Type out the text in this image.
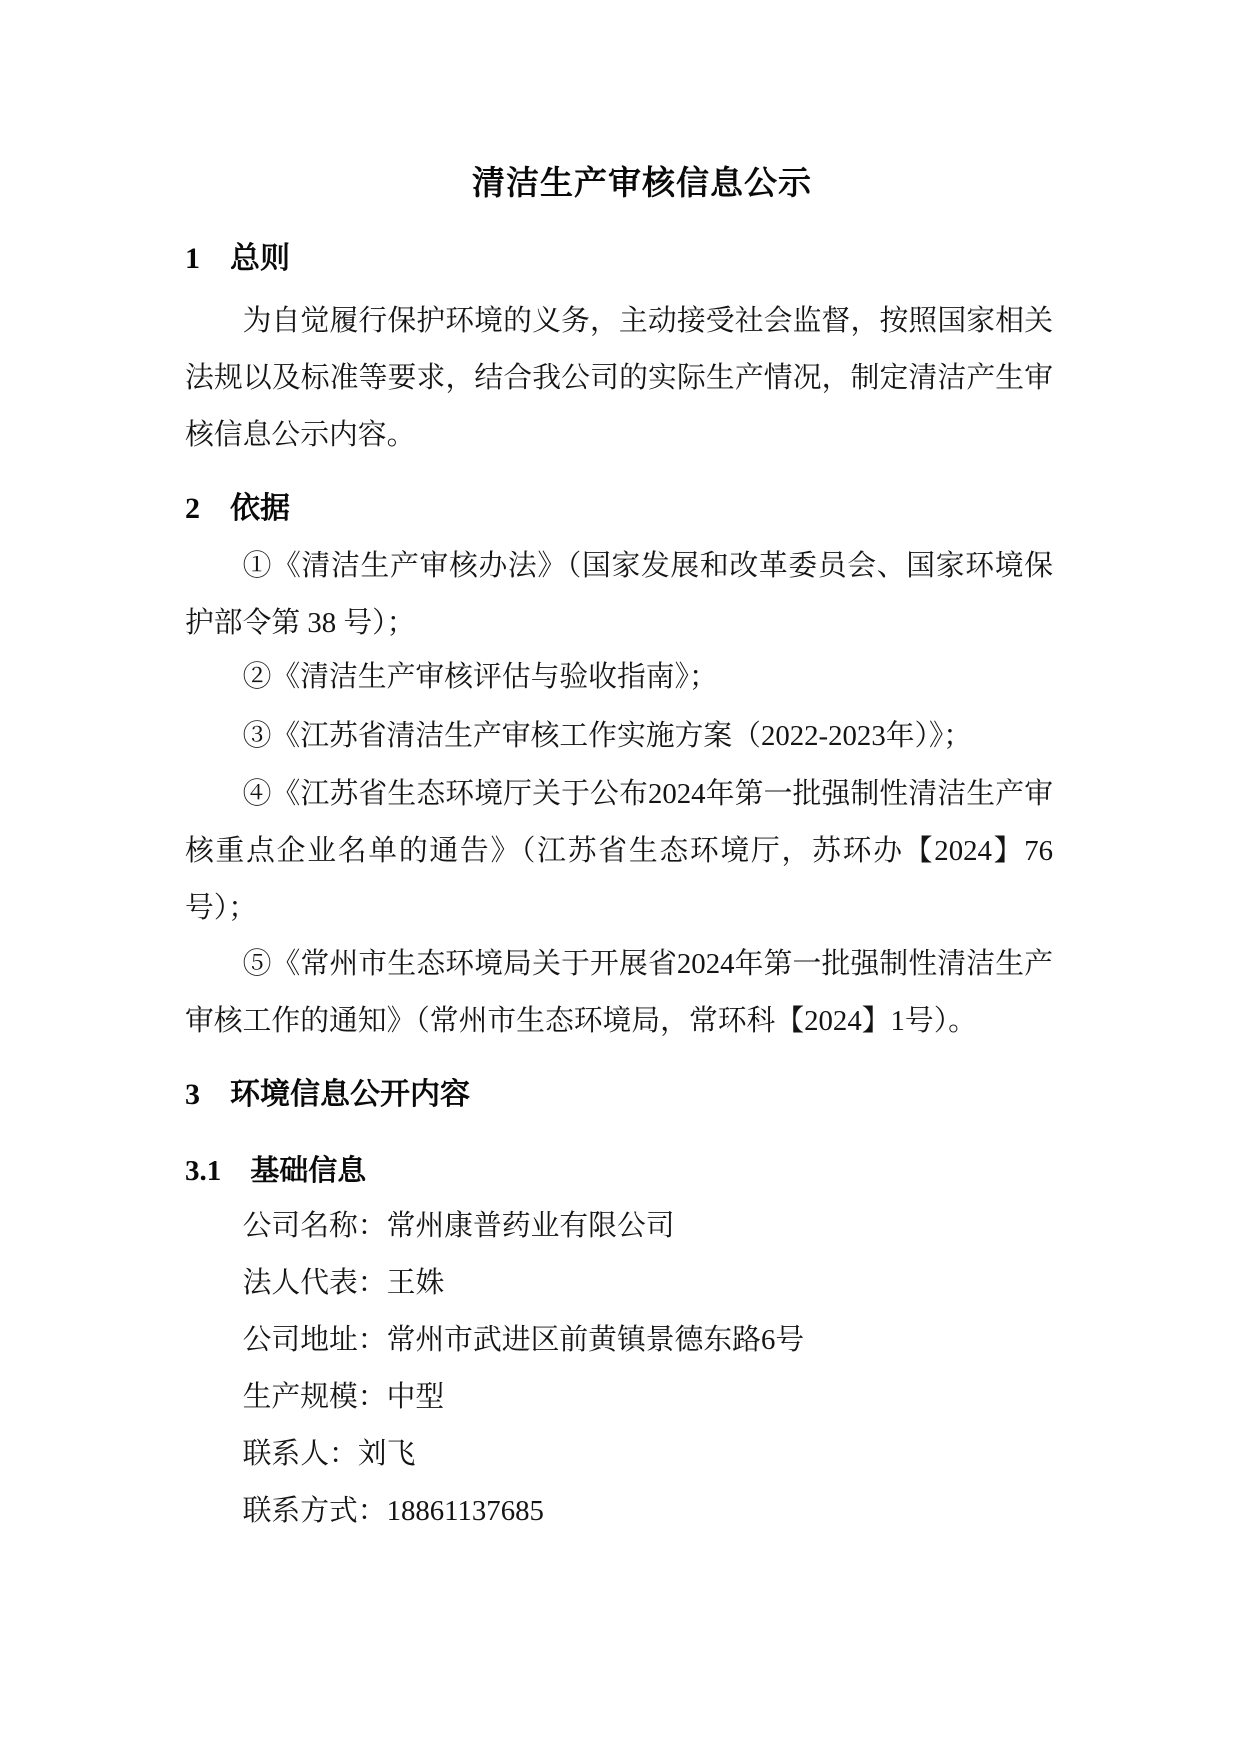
清洁生产审核信息公示
1　总则
为自觉履行保护环境的义务，主动接受社会监督，按照国家相关
法规以及标准等要求，结合我公司的实际生产情况，制定清洁产生审
核信息公示内容。
2　依据
①《清洁生产审核办法》（国家发展和改革委员会、国家环境保
护部令第 38 号）；
②《清洁生产审核评估与验收指南》；
③《江苏省清洁生产审核工作实施方案（2022-2023年）》；
④《江苏省生态环境厅关于公布2024年第一批强制性清洁生产审
核重点企业名单的通告》（江苏省生态环境厅，苏环办【2024】76
号）；
⑤《常州市生态环境局关于开展省2024年第一批强制性清洁生产
审核工作的通知》（常州市生态环境局，常环科【2024】1号）。
3　环境信息公开内容
3.1　基础信息
公司名称：常州康普药业有限公司
法人代表：王姝
公司地址：常州市武进区前黄镇景德东路6号
生产规模：中型
联系人：刘飞
联系方式：18861137685
